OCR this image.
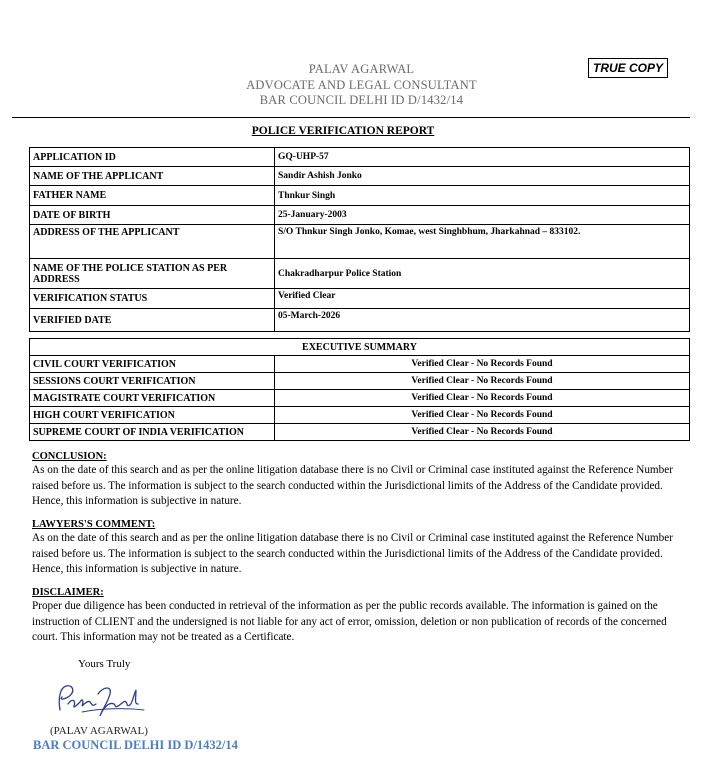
PALAV AGARWAL
ADVOCATE AND LEGAL CONSULTANT
BAR COUNCIL DELHI ID D/1432/14
TRUE COPY
POLICE VERIFICATION REPORT
APPLICATION ID	GQ-UHP-57
NAME OF THE APPLICANT	Sandir Ashish Jonko
FATHER NAME	Thnkur Singh
DATE OF BIRTH	25-January-2003
ADDRESS OF THE APPLICANT	S/O Thnkur Singh Jonko, Komae, west Singhbhum, Jharkahnad – 833102.
NAME OF THE POLICE STATION AS PER ADDRESS	Chakradharpur Police Station
VERIFICATION STATUS	Verified Clear
VERIFIED DATE	05-March-2026
EXECUTIVE SUMMARY	
CIVIL COURT VERIFICATION	Verified Clear - No Records Found
SESSIONS COURT VERIFICATION	Verified Clear - No Records Found
MAGISTRATE COURT VERIFICATION	Verified Clear - No Records Found
HIGH COURT VERIFICATION	Verified Clear - No Records Found
SUPREME COURT OF INDIA VERIFICATION	Verified Clear - No Records Found
CONCLUSION:
As on the date of this search and as per the online litigation database there is no Civil or Criminal case instituted against the Reference Number raised before us. The information is subject to the search conducted within the Jurisdictional limits of the Address of the Candidate provided. Hence, this information is subjective in nature.
LAWYERS'S COMMENT:
As on the date of this search and as per the online litigation database there is no Civil or Criminal case instituted against the Reference Number raised before us. The information is subject to the search conducted within the Jurisdictional limits of the Address of the Candidate provided. Hence, this information is subjective in nature.
DISCLAIMER:
Proper due diligence has been conducted in retrieval of the information as per the public records available. The information is gained on the instruction of CLIENT and the undersigned is not liable for any act of error, omission, deletion or non publication of records of the concerned court. This information may not be treated as a Certificate.
Yours Truly
(PALAV AGARWAL)
BAR COUNCIL DELHI ID D/1432/14
